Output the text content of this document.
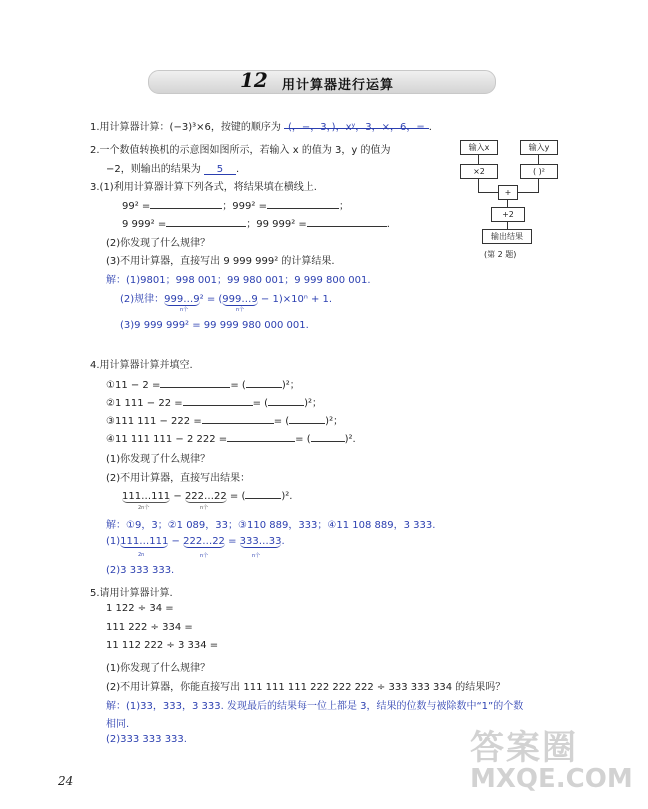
12 用计算器进行运算
1.用计算器计算：(−3)³×6，按键的顺序为 (，−，3，)，xʸ，3，×，6，= .
2.一个数值转换机的示意图如图所示，若输入 x 的值为 3，y 的值为
−2，则输出的结果为 5 .
3.(1)利用计算器计算下列各式，将结果填在横线上.
99² =	；999² =	；
9 999² =	；99 999² =	.
(2)你发现了什么规律？
(3)不用计算器，直接写出 9 999 999² 的计算结果.
解：(1)9801；998 001；99 980 001；9 999 800 001.
(2)规律：999…9² = (999…9 − 1)×10ⁿ + 1.
n个	n个
(3)9 999 999² = 99 999 980 000 001.
4.用计算器计算并填空.
①11 − 2 =	= (	)²；
②1 111 − 22 =	= (	)²；
③111 111 − 222 =	= (	)²；
④11 111 111 − 2 222 =	= (	)².
(1)你发现了什么规律？
(2)不用计算器，直接写出结果：
111…111 − 222…22 = (	)².
2n个	n个
解：①9，3；②1 089，33；③110 889，333；④11 108 889，3 333.
(1)111…111 − 222…22 = 333…33.
2n	n个	n个
(2)3 333 333.
5.请用计算器计算.
1 122 ÷ 34 =
111 222 ÷ 334 =
11 112 222 ÷ 3 334 =
(1)你发现了什么规律？
(2)不用计算器，你能直接写出 111 111 111 222 222 222 ÷ 333 333 334 的结果吗？
解：(1)33，333，3 333. 发现最后的结果每一位上都是 3，结果的位数与被除数中“1”的个数
相同.
(2)333 333 333.
输入x	输入y
×2	( )²
+
+2
输出结果
(第 2 题)
24
答案圈
MXQE.COM
